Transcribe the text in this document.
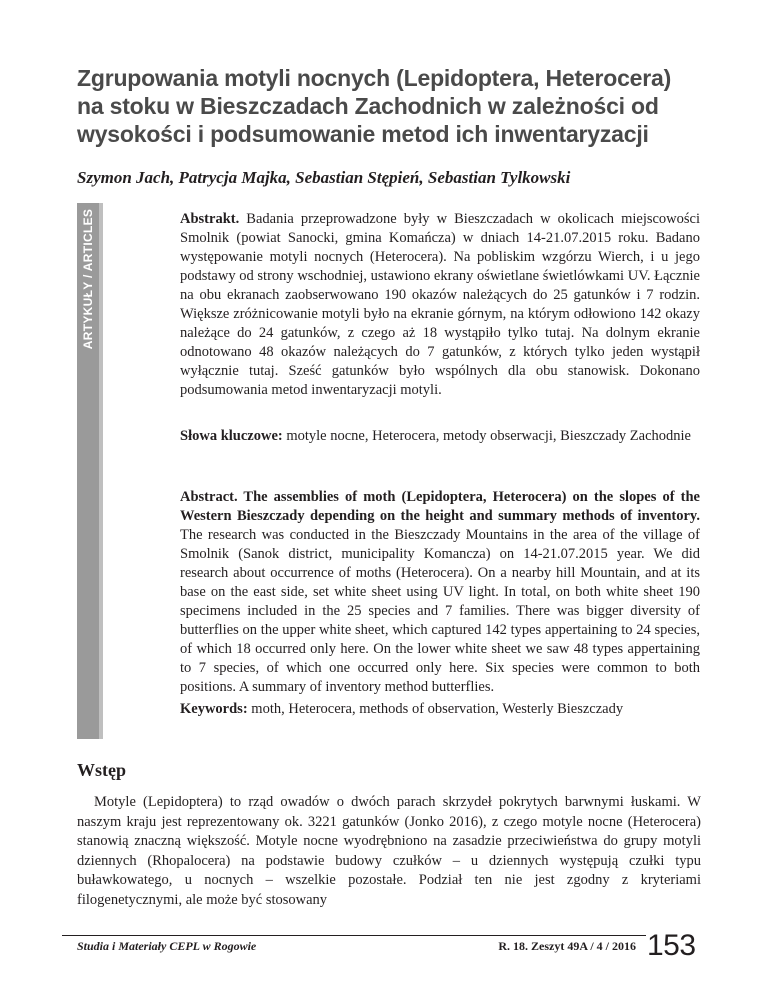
Zgrupowania motyli nocnych (Lepidoptera, Heterocera) na stoku w Bieszczadach Zachodnich w zależności od wysokości i podsumowanie metod ich inwentaryzacji
Szymon Jach, Patrycja Majka, Sebastian Stępień, Sebastian Tylkowski
ARTYKUŁY / ARTICLES	Abstrakt. Badania przeprowadzone były w Bieszczadach w okolicach miejscowości Smolnik (powiat Sanocki, gmina Komańcza) w dniach 14-21.07.2015 roku. Badano występowanie motyli nocnych (Heterocera). Na pobliskim wzgórzu Wierch, i u jego podstawy od strony wschodniej, ustawiono ekrany oświetlane świetlówkami UV. Łącznie na obu ekranach zaobserwowano 190 okazów należących do 25 gatunków i 7 rodzin. Większe zróżnicowanie motyli było na ekranie górnym, na którym odłowiono 142 okazy należące do 24 gatunków, z czego aż 18 wystąpiło tylko tutaj. Na dolnym ekranie odnotowano 48 okazów należących do 7 gatunków, z których tylko jeden wystąpił wyłącznie tutaj. Sześć gatunków było wspólnych dla obu stanowisk. Dokonano podsumowania metod inwentaryzacji motyli.

Słowa kluczowe: motyle nocne, Heterocera, metody obserwacji, Bieszczady Zachodnie

Abstract. The assemblies of moth (Lepidoptera, Heterocera) on the slopes of the Western Bieszczady depending on the height and summary methods of inventory. The research was conducted in the Bieszczady Mountains in the area of the village of Smolnik (Sanok district, municipality Komancza) on 14-21.07.2015 year. We did research about occurrence of moths (Heterocera). On a nearby hill Mountain, and at its base on the east side, set white sheet using UV light. In total, on both white sheet 190 specimens included in the 25 species and 7 families. There was bigger diversity of butterflies on the upper white sheet, which captured 142 types appertaining to 24 species, of which 18 occurred only here. On the lower white sheet we saw 48 types appertaining to 7 species, of which one occurred only here. Six species were common to both positions. A summary of inventory method butterflies.

Keywords: moth, Heterocera, methods of observation, Westerly Bieszczady

Wstęp

Motyle (Lepidoptera) to rząd owadów o dwóch parach skrzydeł pokrytych barwnymi łuskami. W naszym kraju jest reprezentowany ok. 3221 gatunków (Jonko 2016), z czego motyle nocne (Heterocera) stanowią znaczną większość. Motyle nocne wyodrębniono na zasadzie przeciwieństwa do grupy motyli dziennych (Rhopalocera) na podstawie budowy czułków – u dziennych występują czułki typu buławkowatego, u nocnych – wszelkie pozostałe. Podział ten nie jest zgodny z kryteriami filogenetycznymi, ale może być stosowany

Studia i Materiały CEPL w Rogowie	R. 18. Zeszyt 49A / 4 / 2016 153
